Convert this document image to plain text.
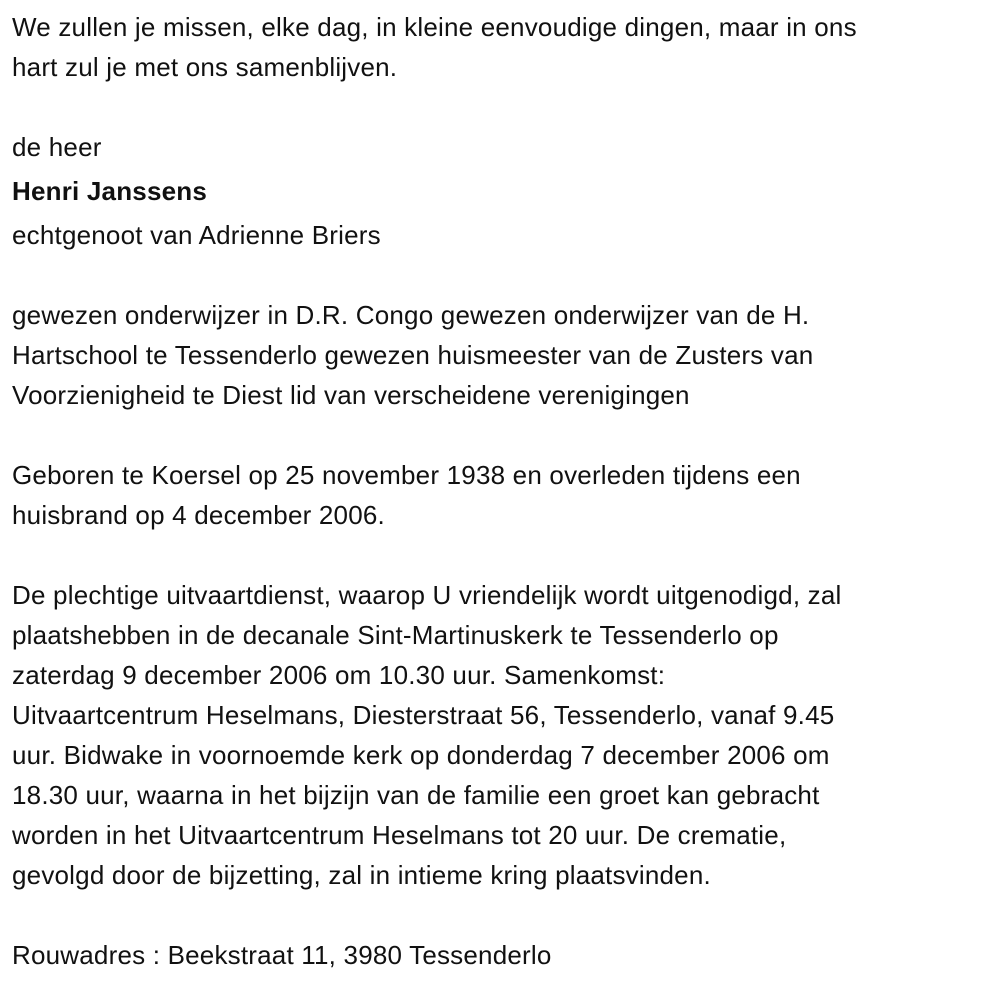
We zullen je missen, elke dag, in kleine eenvoudige dingen, maar in ons
hart zul je met ons samenblijven.
de heer
Henri Janssens
echtgenoot van Adrienne Briers
gewezen onderwijzer in D.R. Congo gewezen onderwijzer van de H.
Hartschool te Tessenderlo gewezen huismeester van de Zusters van
Voorzienigheid te Diest lid van verscheidene verenigingen
Geboren te Koersel op 25 november 1938 en overleden tijdens een
huisbrand op 4 december 2006.
De plechtige uitvaartdienst, waarop U vriendelijk wordt uitgenodigd, zal
plaatshebben in de decanale Sint-Martinuskerk te Tessenderlo op
zaterdag 9 december 2006 om 10.30 uur. Samenkomst:
Uitvaartcentrum Heselmans, Diesterstraat 56, Tessenderlo, vanaf 9.45
uur. Bidwake in voornoemde kerk op donderdag 7 december 2006 om
18.30 uur, waarna in het bijzijn van de familie een groet kan gebracht
worden in het Uitvaartcentrum Heselmans tot 20 uur. De crematie,
gevolgd door de bijzetting, zal in intieme kring plaatsvinden.
Rouwadres : Beekstraat 11, 3980 Tessenderlo
